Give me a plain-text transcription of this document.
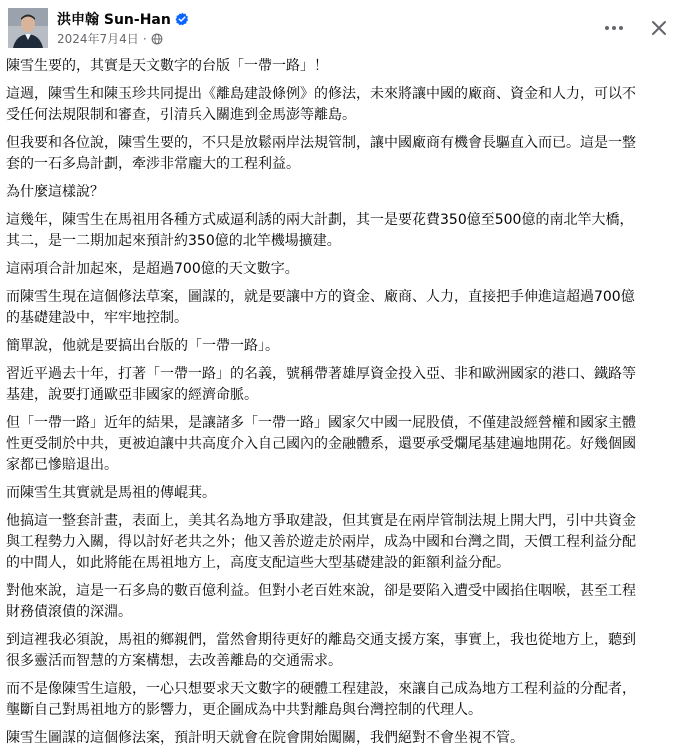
洪申翰 Sun-Han
2024年7月4日 ·

陳雪生要的，其實是天文數字的台版「一帶一路」！

這週，陳雪生和陳玉珍共同提出《離島建設條例》的修法，未來將讓中國的廠商、資金和人力，可以不
受任何法規限制和審查，引清兵入關進到金馬澎等離島。

但我要和各位說，陳雪生要的，不只是放鬆兩岸法規管制，讓中國廠商有機會長驅直入而已。這是一整
套的一石多鳥計劃，牽涉非常龐大的工程利益。

為什麼這樣說？

這幾年，陳雪生在馬祖用各種方式威逼利誘的兩大計劃，其一是要花費350億至500億的南北竿大橋，
其二，是一二期加起來預計約350億的北竿機場擴建。

這兩項合計加起來，是超過700億的天文數字。

而陳雪生現在這個修法草案，圖謀的，就是要讓中方的資金、廠商、人力，直接把手伸進這超過700億
的基礎建設中，牢牢地控制。

簡單說，他就是要搞出台版的「一帶一路」。

習近平過去十年，打著「一帶一路」的名義，號稱帶著雄厚資金投入亞、非和歐洲國家的港口、鐵路等
基建，說要打通歐亞非國家的經濟命脈。

但「一帶一路」近年的結果，是讓諸多「一帶一路」國家欠中國一屁股債，不僅建設經營權和國家主體
性更受制於中共，更被迫讓中共高度介入自己國內的金融體系，還要承受爛尾基建遍地開花。好幾個國
家都已慘賠退出。

而陳雪生其實就是馬祖的傳崐萁。

他搞這一整套計畫，表面上，美其名為地方爭取建設，但其實是在兩岸管制法規上開大門，引中共資金
與工程勢力入關，得以討好老共之外；他又善於遊走於兩岸，成為中國和台灣之間，天價工程利益分配
的中間人，如此將能在馬祖地方上，高度支配這些大型基礎建設的鉅額利益分配。

對他來說，這是一石多鳥的數百億利益。但對小老百姓來說，卻是要陷入遭受中國掐住咽喉，甚至工程
財務債滾債的深淵。

到這裡我必須說，馬祖的鄉親們，當然會期待更好的離島交通支援方案，事實上，我也從地方上，聽到
很多靈活而智慧的方案構想，去改善離島的交通需求。

而不是像陳雪生這般，一心只想要求天文數字的硬體工程建設，來讓自己成為地方工程利益的分配者，
壟斷自己對馬祖地方的影響力，更企圖成為中共對離島與台灣控制的代理人。

陳雪生圖謀的這個修法案，預計明天就會在院會開始闖關，我們絕對不會坐視不管。
